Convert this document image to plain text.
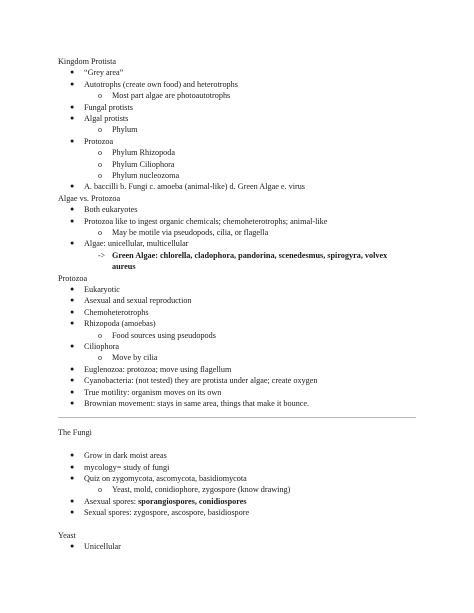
Kingdom Protista
● “Grey area”
● Autotrophs (create own food) and heterotrophs
o Most part algae are photoautotrophs
● Fungal protists
● Algal protists
o Phylum
● Protozoa
o Phylum Rhizopoda
o Phylum Ciliophora
o Phylum nucleozoma
● A. baccilli b. Fungi c. amoeba (animal-like) d. Green Algae e. virus
Algae vs. Protozoa
● Both eukaryotes
● Protozoa like to ingest organic chemicals; chemoheterotrophs; animal-like
o May be motile via pseudopods, cilia, or flagella
● Algae: unicellular, multicellular
-> Green Algae: chlorella, cladophora, pandorina, scenedesmus, spirogyra, volvex
aureus
Protozoa
● Eukaryotic
● Asexual and sexual reproduction
● Chemoheterotrophs
● Rhizopoda (amoebas)
o Food sources using pseudopods
● Ciliophora
o Move by cilia
● Euglenozoa: protozoa; move using flagellum
● Cyanobacteria: (not tested) they are protista under algae; create oxygen
● True motility: organism moves on its own
● Brownian movement: stays in same area, things that make it bounce.
The Fungi
● Grow in dark moist areas
● mycology= study of fungi
● Quiz on zygomycota, ascomycota, basidiomycota
o Yeast, mold, conidiophore, zygospore (know drawing)
● Asexual spores: sporangiospores, conidiospores
● Sexual spores: zygospore, ascospore, basidiospore
Yeast
● Unicellular
